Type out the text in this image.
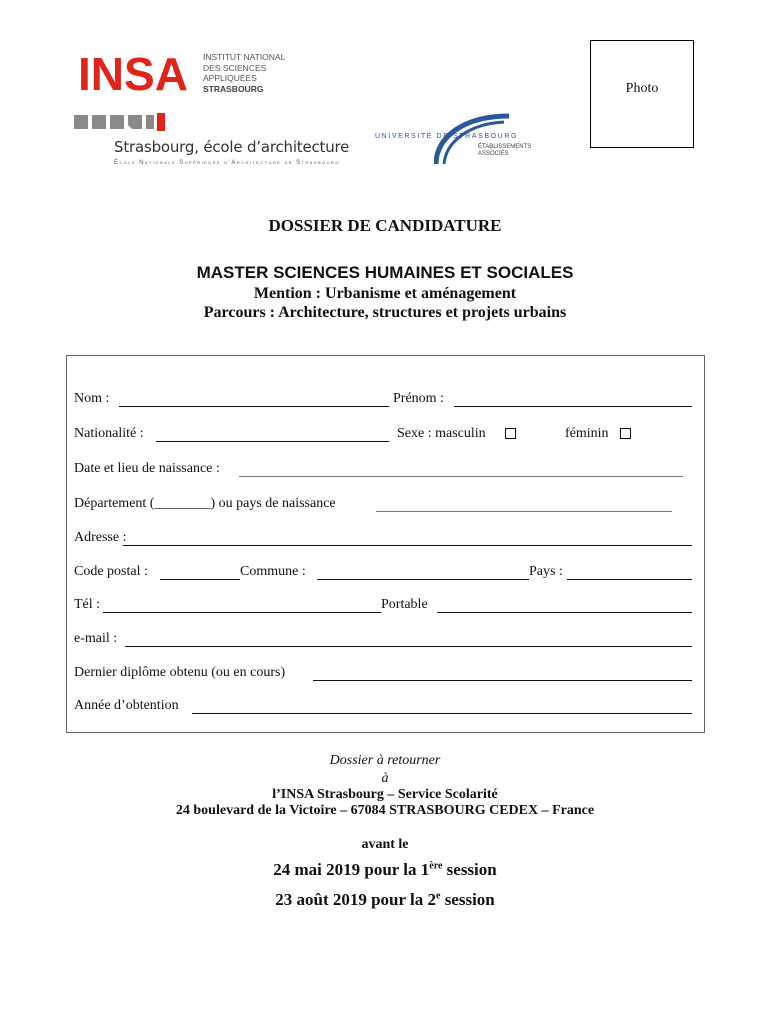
INSA INSTITUT NATIONAL
DES SCIENCES
APPLIQUÉES
STRASBOURG
Strasbourg, école d’architecture
École Nationale Supérieure d’Architecture de Strasbourg
UNIVERSITÉ DE STRASBOURG
ÉTABLISSEMENTS
ASSOCIÉS
Photo
DOSSIER DE CANDIDATURE
MASTER SCIENCES HUMAINES ET SOCIALES
Mention : Urbanisme et aménagement
Parcours : Architecture, structures et projets urbains
Nom :	Prénom :
Nationalité :	Sexe : masculin	féminin
Date et lieu de naissance :
Département (________) ou pays de naissance
Adresse :
Code postal :	Commune :	Pays :
Tél :	Portable
e-mail :
Dernier diplôme obtenu (ou en cours)
Année d’obtention
Dossier à retourner
à
l’INSA Strasbourg – Service Scolarité
24 boulevard de la Victoire – 67084 STRASBOURG CEDEX – France
avant le
24 mai 2019 pour la 1ère session
23 août 2019 pour la 2e session
